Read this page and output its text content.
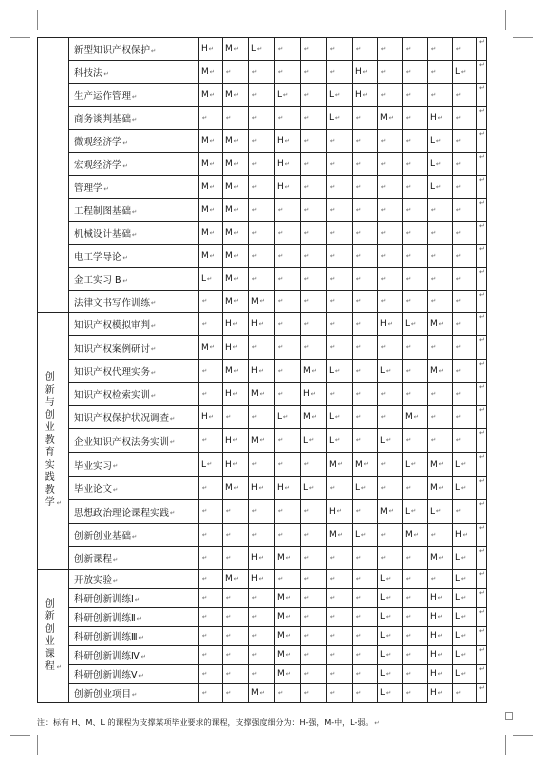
	新型知识产权保护↵	H↵	M↵	L↵	↵	↵	↵	↵	↵	↵	↵	↵	↵
	科技法↵	M↵	↵	↵	↵	↵	↵	H↵	↵	↵	↵	L↵	↵
	生产运作管理↵	M↵	M↵	↵	L↵	↵	L↵	H↵	↵	↵	↵	↵	↵
	商务谈判基础↵	↵	↵	↵	↵	↵	L↵	↵	M↵	↵	H↵	↵	↵
	微观经济学↵	M↵	M↵	↵	H↵	↵	↵	↵	↵	↵	L↵	↵	↵
	宏观经济学↵	M↵	M↵	↵	H↵	↵	↵	↵	↵	↵	L↵	↵	↵
	管理学↵	M↵	M↵	↵	H↵	↵	↵	↵	↵	↵	L↵	↵	↵
	工程制图基础↵	M↵	M↵	↵	↵	↵	↵	↵	↵	↵	↵	↵	↵
	机械设计基础↵	M↵	M↵	↵	↵	↵	↵	↵	↵	↵	↵	↵	↵
	电工学导论↵	M↵	M↵	↵	↵	↵	↵	↵	↵	↵	↵	↵	↵
	金工实习 B↵	L↵	M↵	↵	↵	↵	↵	↵	↵	↵	↵	↵	↵
	法律文书写作训练↵	↵	M↵	M↵	↵	↵	↵	↵	↵	↵	↵	↵	↵
创新与创业教育实践教学 ↵	知识产权模拟审判↵	↵	H↵	H↵	↵	↵	↵	↵	H↵	L↵	M↵	↵	↵
	知识产权案例研讨↵	M↵	H↵	↵	↵	↵	↵	↵	↵	↵	↵	↵	↵
	知识产权代理实务↵	↵	M↵	H↵	↵	M↵	L↵	↵	L↵	↵	M↵	↵	↵
	知识产权检索实训↵	↵	H↵	M↵	↵	H↵	↵	↵	↵	↵	↵	↵	↵
	知识产权保护状况调查↵	H↵	↵	↵	L↵	M↵	L↵	↵	↵	M↵	↵	↵	↵
	企业知识产权法务实训↵	↵	H↵	M↵	↵	L↵	L↵	↵	L↵	↵	↵	↵	↵
	毕业实习↵	L↵	H↵	↵	↵	↵	M↵	M↵	↵	L↵	M↵	L↵	↵
	毕业论文↵	↵	M↵	H↵	H↵	L↵	↵	L↵	↵	↵	M↵	L↵	↵
	思想政治理论课程实践↵	↵	↵	↵	↵	↵	H↵	↵	M↵	L↵	L↵	↵	↵
	创新创业基础↵	↵	↵	↵	↵	↵	M↵	L↵	↵	M↵	↵	H↵	↵
	创新课程↵	↵	↵	H↵	M↵	↵	↵	↵	↵	↵	M↵	L↵	↵
创新创业课程 ↵	开放实验↵	↵	M↵	H↵	↵	↵	↵	↵	L↵	↵	↵	L↵	↵
	科研创新训练Ⅰ↵	↵	↵	↵	M↵	↵	↵	↵	L↵	↵	H↵	L↵	↵
	科研创新训练Ⅱ↵	↵	↵	↵	M↵	↵	↵	↵	L↵	↵	H↵	L↵	↵
	科研创新训练Ⅲ↵	↵	↵	↵	M↵	↵	↵	↵	L↵	↵	H↵	L↵	↵
	科研创新训练Ⅳ↵	↵	↵	↵	M↵	↵	↵	↵	L↵	↵	H↵	L↵	↵
	科研创新训练Ⅴ↵	↵	↵	↵	M↵	↵	↵	↵	L↵	↵	H↵	L↵	↵
	创新创业项目↵	↵	↵	M↵	↵	↵	↵	↵	L↵	↵	H↵	↵	↵
注：标有 H、M、L 的课程为支撑某项毕业要求的课程，支撑强度细分为：H-强，M-中，L-弱。↵
